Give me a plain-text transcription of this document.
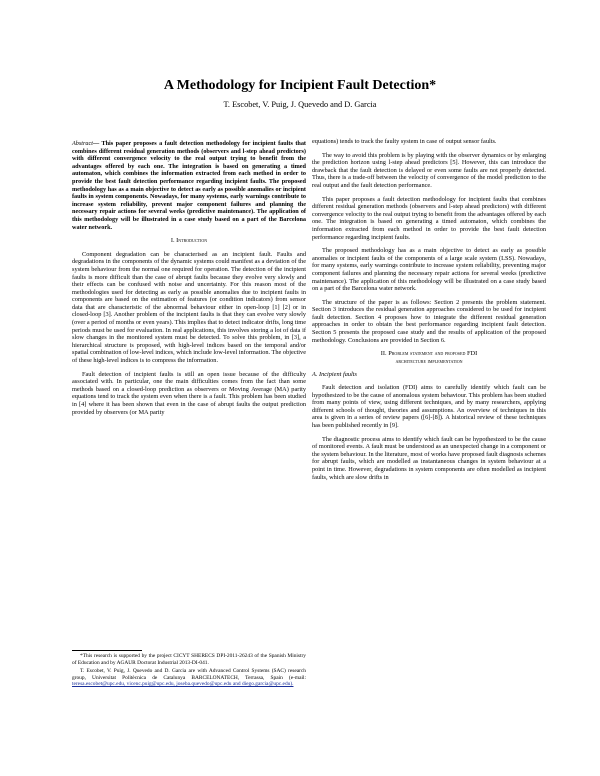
A Methodology for Incipient Fault Detection*
T. Escobet, V. Puig, J. Quevedo and D. Garcia

Abstract— This paper proposes a fault detection methodology for incipient faults that combines different residual generation methods (observers and l-step ahead predictors) with different convergence velocity to the real output trying to benefit from the advantages offered by each one. The integration is based on generating a timed automaton, which combines the information extracted from each method in order to provide the best fault detection performance regarding incipient faults. The proposed methodology has as a main objective to detect as early as possible anomalies or incipient faults in system components. Nowadays, for many systems, early warnings contribute to increase system reliability, prevent major component failures and planning the necessary repair actions for several weeks (predictive maintenance). The application of this methodology will be illustrated in a case study based on a part of the Barcelona water network.

I. Introduction

Component degradation can be characterised as an incipient fault. Faults and degradations in the components of the dynamic systems could manifest as a deviation of the system behaviour from the normal one required for operation. The detection of the incipient faults is more difficult than the case of abrupt faults because they evolve very slowly and their effects can be confused with noise and uncertainty. For this reason most of the methodologies used for detecting as early as possible anomalies due to incipient faults in components are based on the estimation of features (or condition indicators) from sensor data that are characteristic of the abnormal behaviour either in open-loop [1] [2] or in closed-loop [3]. Another problem of the incipient faults is that they can evolve very slowly (over a period of months or even years). This implies that to detect indicator drifts, long time periods must be used for evaluation. In real applications, this involves storing a lot of data if slow changes in the monitored system must be detected. To solve this problem, in [3], a hierarchical structure is proposed, with high-level indices based on the temporal and/or spatial combination of low-level indices, which include low-level information. The objective of these high-level indices is to compress the information.

Fault detection of incipient faults is still an open issue because of the difficulty associated with. In particular, one the main difficulties comes from the fact than some methods based on a closed-loop prediction as observers or Moving Average (MA) parity equations tend to track the system even when there is a fault. This problem has been studied in [4] where it has been shown that even in the case of abrupt faults the output prediction provided by observers (or MA parity

equations) tends to track the faulty system in case of output sensor faults.

The way to avoid this problem is by playing with the observer dynamics or by enlarging the prediction horizon using l-step ahead predictors [5]. However, this can introduce the drawback that the fault detection is delayed or even some faults are not properly detected. Thus, there is a trade-off between the velocity of convergence of the model prediction to the real output and the fault detection performance.

This paper proposes a fault detection methodology for incipient faults that combines different residual generation methods (observers and l-step ahead predictors) with different convergence velocity to the real output trying to benefit from the advantages offered by each one. The integration is based on generating a timed automaton, which combines the information extracted from each method in order to provide the best fault detection performance regarding incipient faults.

The proposed methodology has as a main objective to detect as early as possible anomalies or incipient faults of the components of a large scale system (LSS). Nowadays, for many systems, early warnings contribute to increase system reliability, preventing major component failures and planning the necessary repair actions for several weeks (predictive maintenance). The application of this methodology will be illustrated on a case study based on a part of the Barcelona water network.

The structure of the paper is as follows: Section 2 presents the problem statement. Section 3 introduces the residual generation approaches considered to be used for incipient fault detection. Section 4 proposes how to integrate the different residual generation approaches in order to obtain the best performance regarding incipient fault detection. Section 5 presents the proposed case study and the results of application of the proposed methodology. Conclusions are provided in Section 6.

II. Problem statement and proposed FDI
architecture implementation
A. Incipient faults

Fault detection and isolation (FDI) aims to carefully identify which fault can be hypothesized to be the cause of anomalous system behaviour. This problem has been studied from many points of view, using different techniques, and by many researchers, applying different schools of thought, theories and assumptions. An overview of techniques in this area is given in a series of review papers ([6]-[8]). A historical review of these techniques has been published recently in [9].

The diagnostic process aims to identify which fault can be hypothesized to be the cause of monitored events. A fault must be understood as an unexpected change in a component or the system behaviour. In the literature, most of works have proposed fault diagnosis schemes for abrupt faults, which are modelled as instantaneous changes in system behaviour at a point in time. However, degradations in system components are often modelled as incipient faults, which are slow drifts in

*This research is supported by the project CICYT SHERECS DPI-2011-26243 of the Spanish Ministry of Education and by AGAUR Doctorat Industrial 2013-DI-041.

T. Escobet, V. Puig, J. Quevedo and D. Garcia are with Advanced Control Systems (SAC) research group, Universitat Politècnica de Catalunya BARCELONATECH, Terrassa, Spain (e-mail: teresa.escobet@upc.edu, vicenc.puig@upc.edu, joseba.quevedo@upc.edu and diego.garcia@upc.edu).
